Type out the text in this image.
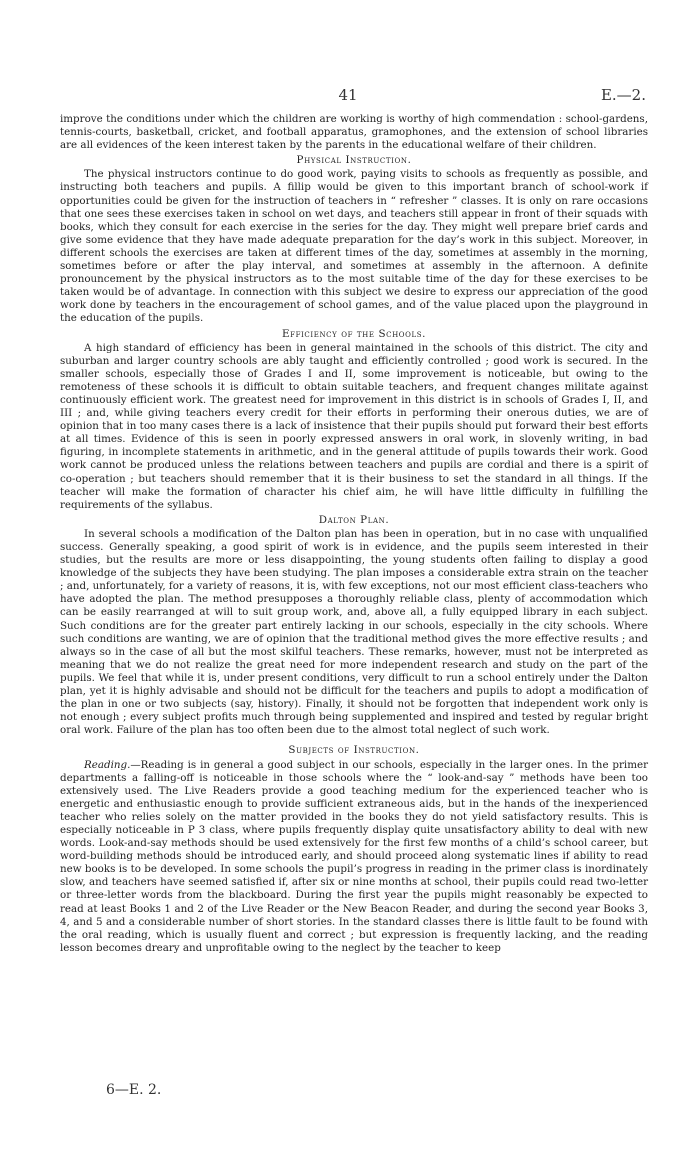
41	E.—2.

improve the conditions under which the children are working is worthy of high commendation : school-gardens, tennis-courts, basketball, cricket, and football apparatus, gramophones, and the extension of school libraries are all evidences of the keen interest taken by the parents in the educational welfare of their children.

Physical Instruction.

The physical instructors continue to do good work, paying visits to schools as frequently as possible, and instructing both teachers and pupils. A fillip would be given to this important branch of school-work if opportunities could be given for the instruction of teachers in “ refresher ” classes. It is only on rare occasions that one sees these exercises taken in school on wet days, and teachers still appear in front of their squads with books, which they consult for each exercise in the series for the day. They might well prepare brief cards and give some evidence that they have made adequate preparation for the day’s work in this subject. Moreover, in different schools the exercises are taken at different times of the day, sometimes at assembly in the morning, sometimes before or after the play interval, and sometimes at assembly in the afternoon. A definite pronouncement by the physical instructors as to the most suitable time of the day for these exercises to be taken would be of advantage. In connection with this subject we desire to express our appreciation of the good work done by teachers in the encouragement of school games, and of the value placed upon the playground in the education of the pupils.

Efficiency of the Schools.

A high standard of efficiency has been in general maintained in the schools of this district. The city and suburban and larger country schools are ably taught and efficiently controlled ; good work is secured. In the smaller schools, especially those of Grades I and II, some improvement is noticeable, but owing to the remoteness of these schools it is difficult to obtain suitable teachers, and frequent changes militate against continuously efficient work. The greatest need for improvement in this district is in schools of Grades I, II, and III ; and, while giving teachers every credit for their efforts in performing their onerous duties, we are of opinion that in too many cases there is a lack of insistence that their pupils should put forward their best efforts at all times. Evidence of this is seen in poorly expressed answers in oral work, in slovenly writing, in bad figuring, in incomplete statements in arithmetic, and in the general attitude of pupils towards their work. Good work cannot be produced unless the relations between teachers and pupils are cordial and there is a spirit of co-operation ; but teachers should remember that it is their business to set the standard in all things. If the teacher will make the formation of character his chief aim, he will have little difficulty in fulfilling the requirements of the syllabus.

Dalton Plan.

In several schools a modification of the Dalton plan has been in operation, but in no case with unqualified success. Generally speaking, a good spirit of work is in evidence, and the pupils seem interested in their studies, but the results are more or less disappointing, the young students often failing to display a good knowledge of the subjects they have been studying. The plan imposes a considerable extra strain on the teacher ; and, unfortunately, for a variety of reasons, it is, with few exceptions, not our most efficient class-teachers who have adopted the plan. The method presupposes a thoroughly reliable class, plenty of accommodation which can be easily rearranged at will to suit group work, and, above all, a fully equipped library in each subject. Such conditions are for the greater part entirely lacking in our schools, especially in the city schools. Where such conditions are wanting, we are of opinion that the traditional method gives the more effective results ; and always so in the case of all but the most skilful teachers. These remarks, however, must not be interpreted as meaning that we do not realize the great need for more independent research and study on the part of the pupils. We feel that while it is, under present conditions, very difficult to run a school entirely under the Dalton plan, yet it is highly advisable and should not be difficult for the teachers and pupils to adopt a modification of the plan in one or two subjects (say, history). Finally, it should not be forgotten that independent work only is not enough ; every subject profits much through being supplemented and inspired and tested by regular bright oral work. Failure of the plan has too often been due to the almost total neglect of such work.

Subjects of Instruction.

Reading.—Reading is in general a good subject in our schools, especially in the larger ones. In the primer departments a falling-off is noticeable in those schools where the “ look-and-say ” methods have been too extensively used. The Live Readers provide a good teaching medium for the experienced teacher who is energetic and enthusiastic enough to provide sufficient extraneous aids, but in the hands of the inexperienced teacher who relies solely on the matter provided in the books they do not yield satisfactory results. This is especially noticeable in P 3 class, where pupils frequently display quite unsatisfactory ability to deal with new words. Look-and-say methods should be used extensively for the first few months of a child’s school career, but word-building methods should be introduced early, and should proceed along systematic lines if ability to read new books is to be developed. In some schools the pupil’s progress in reading in the primer class is inordinately slow, and teachers have seemed satisfied if, after six or nine months at school, their pupils could read two-letter or three-letter words from the blackboard. During the first year the pupils might reasonably be expected to read at least Books 1 and 2 of the Live Reader or the New Beacon Reader, and during the second year Books 3, 4, and 5 and a considerable number of short stories. In the standard classes there is little fault to be found with the oral reading, which is usually fluent and correct ; but expression is frequently lacking, and the reading lesson becomes dreary and unprofitable owing to the neglect by the teacher to keep

6—E. 2.
